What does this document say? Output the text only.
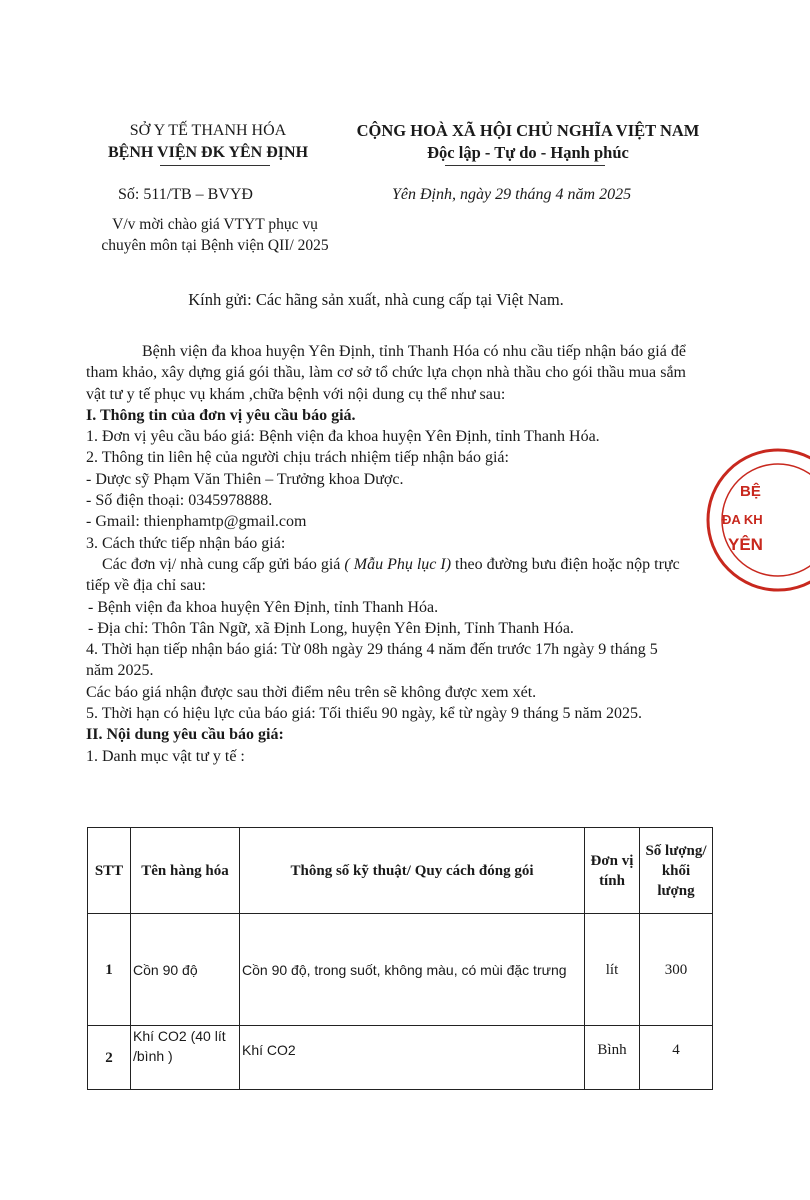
SỞ Y TẾ THANH HÓA
BỆNH VIỆN ĐK YÊN ĐỊNH
CỘNG HOÀ XÃ HỘI CHỦ NGHĨA VIỆT NAM
Độc lập - Tự do - Hạnh phúc
Số: 511/TB – BVYĐ	Yên Định, ngày 29 tháng 4 năm 2025
V/v mời chào giá VTYT phục vụ
chuyên môn tại Bệnh viện QII/ 2025
Kính gửi: Các hãng sản xuất, nhà cung cấp tại Việt Nam.

Bệnh viện đa khoa huyện Yên Định, tỉnh Thanh Hóa có nhu cầu tiếp nhận báo giá để tham khảo, xây dựng giá gói thầu, làm cơ sở tổ chức lựa chọn nhà thầu cho gói thầu mua sắm vật tư y tế phục vụ khám ,chữa bệnh với nội dung cụ thể như sau:

I. Thông tin của đơn vị yêu cầu báo giá.

1. Đơn vị yêu cầu báo giá: Bệnh viện đa khoa huyện Yên Định, tỉnh Thanh Hóa.

2. Thông tin liên hệ của người chịu trách nhiệm tiếp nhận báo giá:

- Dược sỹ Phạm Văn Thiên – Trưởng khoa Dược.

- Số điện thoại: 0345978888.

- Gmail: thienphamtp@gmail.com

3. Cách thức tiếp nhận báo giá:

Các đơn vị/ nhà cung cấp gửi báo giá ( Mẫu Phụ lục I) theo đường bưu điện hoặc nộp trực tiếp về địa chỉ sau:

- Bệnh viện đa khoa huyện Yên Định, tỉnh Thanh Hóa.

- Địa chỉ: Thôn Tân Ngữ, xã Định Long, huyện Yên Định, Tỉnh Thanh Hóa.

4. Thời hạn tiếp nhận báo giá: Từ 08h ngày 29 tháng 4 năm đến trước 17h ngày 9 tháng 5 năm 2025.

Các báo giá nhận được sau thời điểm nêu trên sẽ không được xem xét.

5. Thời hạn có hiệu lực của báo giá: Tối thiểu 90 ngày, kể từ ngày 9 tháng 5 năm 2025.

II. Nội dung yêu cầu báo giá:

1. Danh mục vật tư y tế :

STT	Tên hàng hóa	Thông số kỹ thuật/ Quy cách đóng gói	Đơn vị tính	Số lượng/ khối lượng
1	Cồn 90 độ	Cồn 90 độ, trong suốt, không màu, có mùi đặc trưng	lít	300
2	Khí CO2 (40 lít /bình )	Khí CO2	Bình	4
BỆ
ĐA KH
YÊN
